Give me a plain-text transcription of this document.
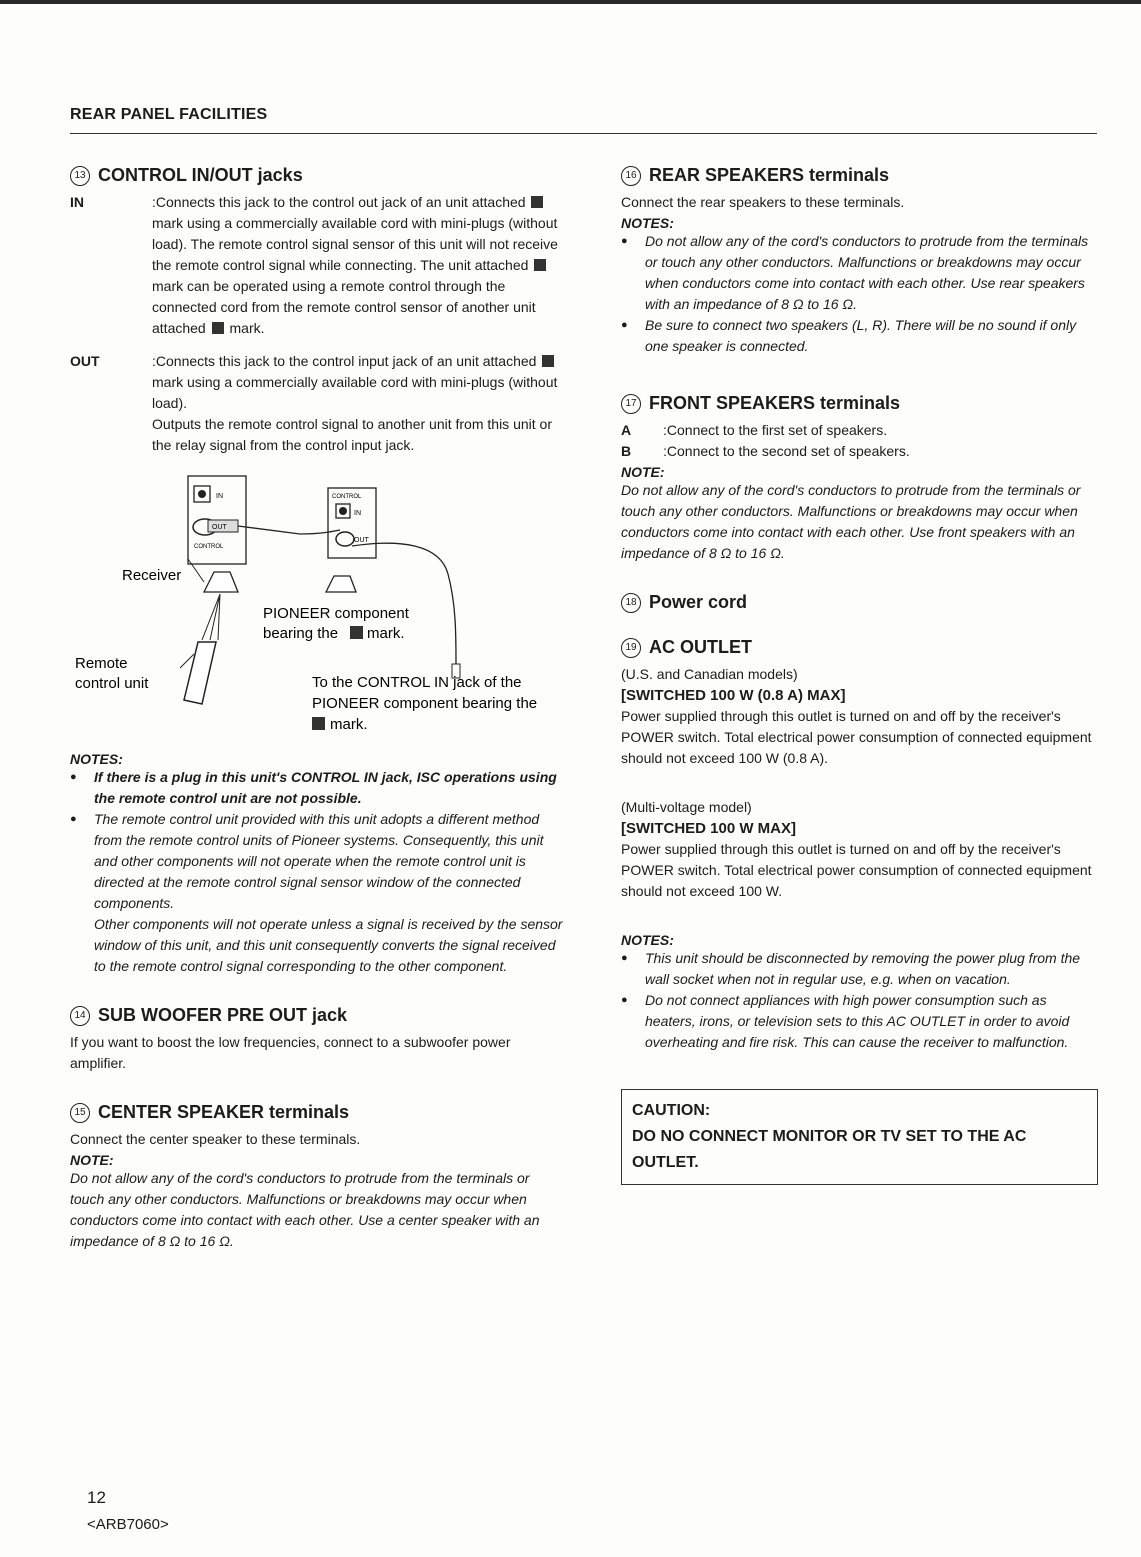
REAR PANEL FACILITIES
13 CONTROL IN/OUT jacks
IN	:Connects this jack to the control out jack of an unit attached  mark using a commercially available cord with mini-plugs (without load). The remote control signal sensor of this unit will not receive the remote control signal while connecting. The unit attached  mark can be operated using a remote control through the connected cord from the remote control sensor of another unit attached mark.
OUT	:Connects this jack to the control input jack of an unit attached  mark using a commercially available cord with mini-plugs (without load).
Outputs the remote control signal to another unit from this unit or the relay signal from the control input jack.
IN
OUT
CONTROL
CONTROL
IN
OUT
Receiver
Remote
control unit
PIONEER component
bearing the mark.
To the CONTROL IN jack of the
PIONEER component bearing the
mark.
NOTES:
● If there is a plug in this unit's CONTROL IN jack, ISC operations using the remote control unit are not possible.
● The remote control unit provided with this unit adopts a different method from the remote control units of Pioneer systems. Consequently, this unit and other components will not operate when the remote control unit is directed at the remote control signal sensor window of the connected components.
Other components will not operate unless a signal is received by the sensor window of this unit, and this unit consequently converts the signal received to the remote control signal corresponding to the other component.
14 SUB WOOFER PRE OUT jack

If you want to boost the low frequencies, connect to a subwoofer power amplifier.

15 CENTER SPEAKER terminals

Connect the center speaker to these terminals.

NOTE:

Do not allow any of the cord's conductors to protrude from the terminals or touch any other conductors. Malfunctions or breakdowns may occur when conductors come into contact with each other. Use a center speaker with an impedance of 8 Ω to 16 Ω.

16 REAR SPEAKERS terminals

Connect the rear speakers to these terminals.

NOTES:
● Do not allow any of the cord's conductors to protrude from the terminals or touch any other conductors. Malfunctions or breakdowns may occur when conductors come into contact with each other. Use rear speakers with an impedance of 8 Ω to 16 Ω.
● Be sure to connect two speakers (L, R). There will be no sound if only one speaker is connected.
17 FRONT SPEAKERS terminals
A	:Connect to the first set of speakers.
B	:Connect to the second set of speakers.
NOTE:

Do not allow any of the cord's conductors to protrude from the terminals or touch any other conductors. Malfunctions or breakdowns may occur when conductors come into contact with each other. Use front speakers with an impedance of 8 Ω to 16 Ω.

18 Power cord
19 AC OUTLET

(U.S. and Canadian models)

[SWITCHED 100 W (0.8 A) MAX]

Power supplied through this outlet is turned on and off by the receiver's POWER switch. Total electrical power consumption of connected equipment should not exceed 100 W (0.8 A).

(Multi-voltage model)

[SWITCHED 100 W MAX]

Power supplied through this outlet is turned on and off by the receiver's POWER switch. Total electrical power consumption of connected equipment should not exceed 100 W.

NOTES:
● This unit should be disconnected by removing the power plug from the wall socket when not in regular use, e.g. when on vacation.
● Do not connect appliances with high power consumption such as heaters, irons, or television sets to this AC OUTLET in order to avoid overheating and fire risk. This can cause the receiver to malfunction.
CAUTION:
DO NO CONNECT MONITOR OR TV SET TO THE AC OUTLET.
12
<ARB7060>
